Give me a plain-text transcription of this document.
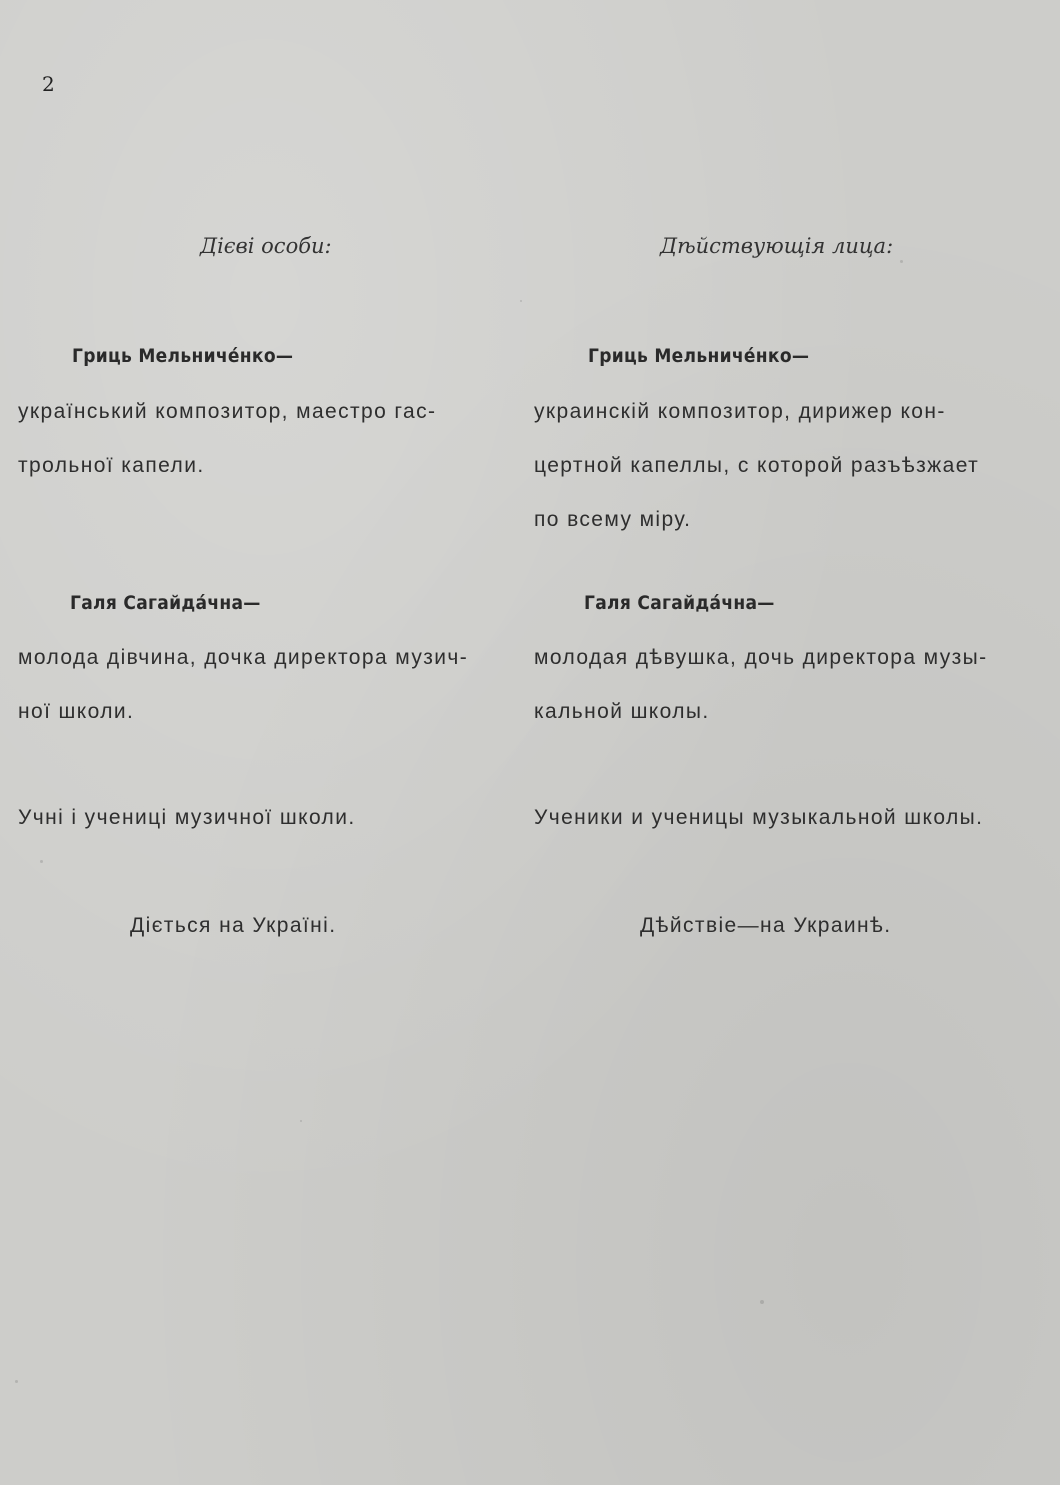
2
Дієві особи:	Дѣйствующія лица:
Гриць Мельниче́нко—
український композитор, маестро гас-
трольної капели.
Галя Сагайда́чна—
молода дівчина, дочка директора музич-
ної школи.
Учні і учениці музичної школи.
Діється на Україні.
Гриць Мельниче́нко—
украинскій композитор, дирижер кон-
цертной капеллы, с которой разъѣзжает
по всему міру.
Галя Сагайда́чна—
молодая дѣвушка, дочь директора музы-
кальной школы.
Ученики и ученицы музыкальной школы.
Дѣйствіе—на Украинѣ.
